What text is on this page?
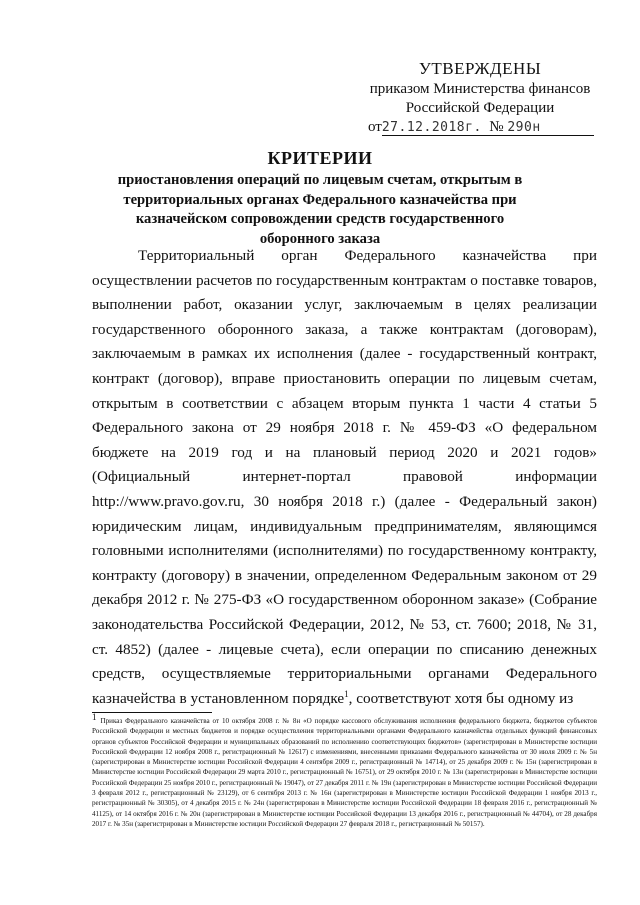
УТВЕРЖДЕНЫ
приказом Министерства финансов
Российской Федерации
от27.12.2018г. № 290н
КРИТЕРИИ
приостановления операций по лицевым счетам, открытым в территориальных органах Федерального казначейства при казначейском сопровождении средств государственного оборонного заказа
Территориальный орган Федерального казначейства при осуществлении расчетов по государственным контрактам о поставке товаров, выполнении работ, оказании услуг, заключаемым в целях реализации государственного оборонного заказа, а также контрактам (договорам), заключаемым в рамках их исполнения (далее - государственный контракт, контракт (договор), вправе приостановить операции по лицевым счетам, открытым в соответствии с абзацем вторым пункта 1 части 4 статьи 5 Федерального закона от 29 ноября 2018 г. № 459-ФЗ «О федеральном бюджете на 2019 год и на плановый период 2020 и 2021 годов» (Официальный интернет-портал правовой информации http://www.pravo.gov.ru, 30 ноября 2018 г.) (далее - Федеральный закон) юридическим лицам, индивидуальным предпринимателям, являющимся головными исполнителями (исполнителями) по государственному контракту, контракту (договору) в значении, определенном Федеральным законом от 29 декабря 2012 г. № 275-ФЗ «О государственном оборонном заказе» (Собрание законодательства Российской Федерации, 2012, № 53, ст. 7600; 2018, № 31, ст. 4852) (далее - лицевые счета), если операции по списанию денежных средств, осуществляемые территориальными органами Федерального казначейства в установленном порядке$^1$, соответствуют хотя бы одному из
1 Приказ Федерального казначейства от 10 октября 2008 г. № 8н «О порядке кассового обслуживания исполнения федерального бюджета, бюджетов субъектов Российской Федерации и местных бюджетов и порядке осуществления территориальными органами Федерального казначейства отдельных функций финансовых органов субъектов Российской Федерации и муниципальных образований по исполнению соответствующих бюджетов» (зарегистрирован в Министерстве юстиции Российской Федерации 12 ноября 2008 г., регистрационный № 12617) с изменениями, внесенными приказами Федерального казначейства от 30 июля 2009 г. № 5н (зарегистрирован в Министерстве юстиции Российской Федерации 4 сентября 2009 г., регистрационный № 14714), от 25 декабря 2009 г. № 15н (зарегистрирован в Министерстве юстиции Российской Федерации 29 марта 2010 г., регистрационный № 16751), от 29 октября 2010 г. № 13н (зарегистрирован в Министерстве юстиции Российской Федерации 25 ноября 2010 г., регистрационный № 19047), от 27 декабря 2011 г. № 19н (зарегистрирован в Министерстве юстиции Российской Федерации 3 февраля 2012 г., регистрационный № 23129), от 6 сентября 2013 г. № 16н (зарегистрирован в Министерстве юстиции Российской Федерации 1 ноября 2013 г., регистрационный № 30305), от 4 декабря 2015 г. № 24н (зарегистрирован в Министерстве юстиции Российской Федерации 18 февраля 2016 г., регистрационный № 41125), от 14 октября 2016 г. № 20н (зарегистрирован в Министерстве юстиции Российской Федерации 13 декабря 2016 г., регистрационный № 44704), от 28 декабря 2017 г. № 35н (зарегистрирован в Министерстве юстиции Российской Федерации 27 февраля 2018 г., регистрационный № 50157).
